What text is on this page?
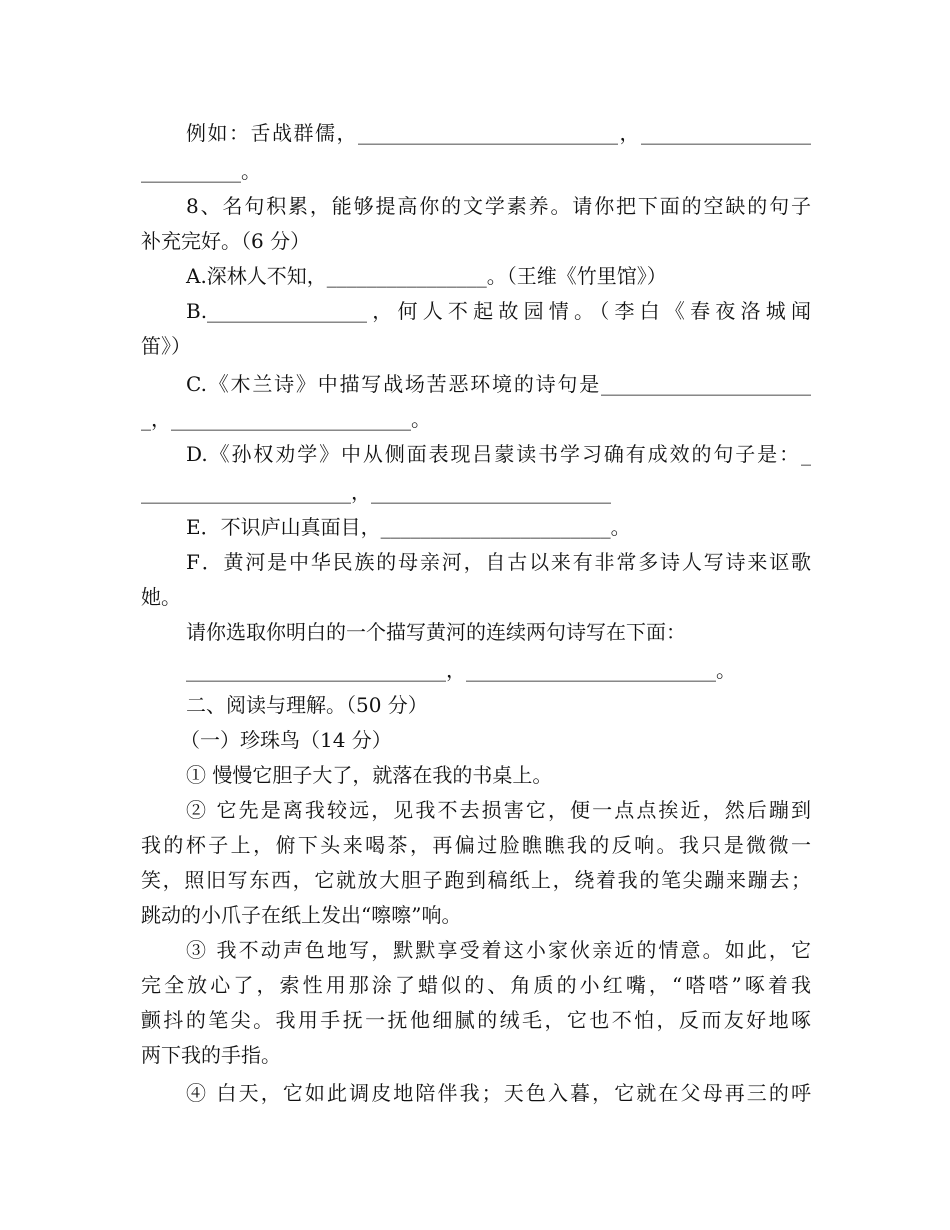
例如：舌战群儒，__________________________，_________________
__________。
8、名句积累，能够提高你的文学素养。请你把下面的空缺的句子
补充完好。（6 分）
A.深林人不知，________________。（王维《竹里馆》）
B.________________，何人不起故园情。（李白《春夜洛城闻
笛》）
C.《木兰诗》中描写战场苦恶环境的诗句是_____________________
_，________________________。
D.《孙权劝学》中从侧面表现吕蒙读书学习确有成效的句子是：_
_____________________，________________________
E．不识庐山真面目，_______________________。
F．黄河是中华民族的母亲河，自古以来有非常多诗人写诗来讴歌
她。
请你选取你明白的一个描写黄河的连续两句诗写在下面：
__________________________，_________________________。
二、阅读与理解。（50 分）
（一）珍珠鸟（14 分）
① 慢慢它胆子大了，就落在我的书桌上。
② 它先是离我较远，见我不去损害它，便一点点挨近，然后蹦到
我的杯子上，俯下头来喝茶，再偏过脸瞧瞧我的反响。我只是微微一
笑，照旧写东西，它就放大胆子跑到稿纸上，绕着我的笔尖蹦来蹦去；
跳动的小爪子在纸上发出“嚓嚓”响。
③ 我不动声色地写，默默享受着这小家伙亲近的情意。如此，它
完全放心了，索性用那涂了蜡似的、角质的小红嘴，“嗒嗒”啄着我
颤抖的笔尖。我用手抚一抚他细腻的绒毛，它也不怕，反而友好地啄
两下我的手指。
④ 白天，它如此调皮地陪伴我；天色入暮，它就在父母再三的呼
